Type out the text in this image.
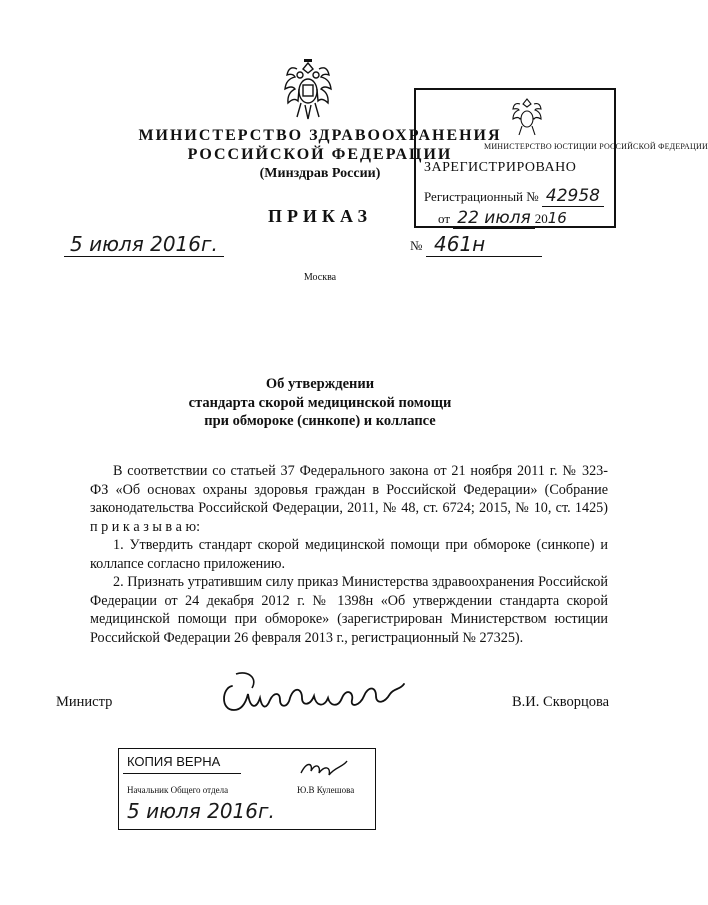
МИНИСТЕРСТВО ЗДРАВООХРАНЕНИЯ
РОССИЙСКОЙ ФЕДЕРАЦИИ
(Минздрав России)
ПРИКАЗ
5 июля 2016г.	№ 461н
Москва
МИНИСТЕРСТВО ЮСТИЦИИ РОССИЙСКОЙ ФЕДЕРАЦИИ
ЗАРЕГИСТРИРОВАНО
Регистрационный № 42958
от 22 июля 2016
Об утверждении
стандарта скорой медицинской помощи
при обмороке (синкопе) и коллапсе

В соответствии со статьей 37 Федерального закона от 21 ноября 2011 г. № 323-ФЗ «Об основах охраны здоровья граждан в Российской Федерации» (Собрание законодательства Российской Федерации, 2011, № 48, ст. 6724; 2015, № 10, ст. 1425) п р и к а з ы в а ю:

1. Утвердить стандарт скорой медицинской помощи при обмороке (синкопе) и коллапсе согласно приложению.

2. Признать утратившим силу приказ Министерства здравоохранения Российской Федерации от 24 декабря 2012 г. № 1398н «Об утверждении стандарта скорой медицинской помощи при обмороке» (зарегистрирован Министерством юстиции Российской Федерации 26 февраля 2013 г., регистрационный № 27325).

Министр	В.И. Скворцова
КОПИЯ ВЕРНА
Начальник Общего отдела	Ю.В Кулешова
5 июля 2016г.
